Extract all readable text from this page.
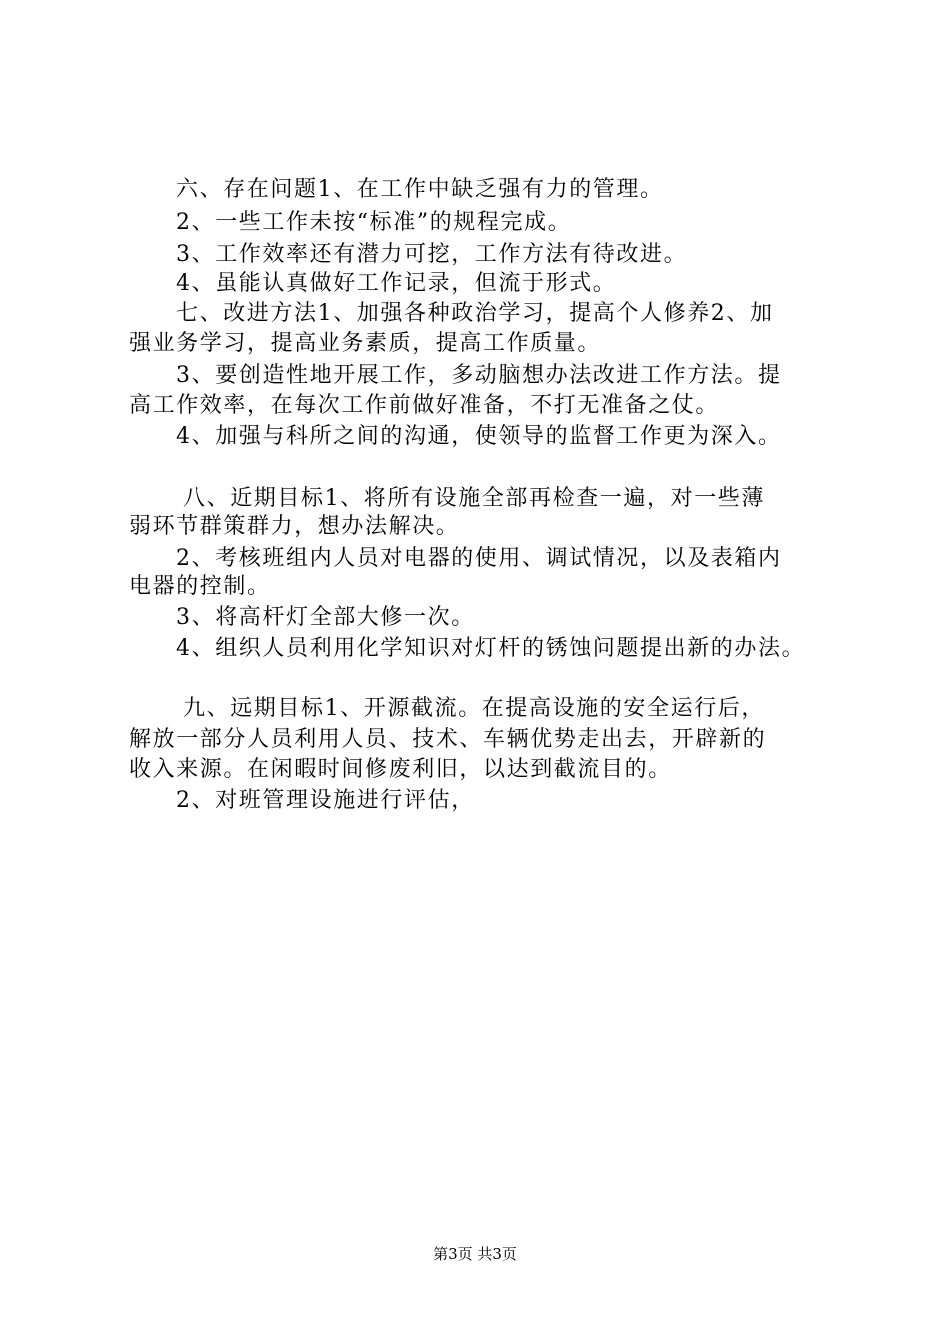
六、存在问题1、在工作中缺乏强有力的管理。
2、一些工作未按“标准”的规程完成。
3、工作效率还有潜力可挖，工作方法有待改进。
4、虽能认真做好工作记录，但流于形式。
七、改进方法1、加强各种政治学习，提高个人修养2、加
强业务学习，提高业务素质，提高工作质量。
3、要创造性地开展工作，多动脑想办法改进工作方法。提
高工作效率，在每次工作前做好准备，不打无准备之仗。
4、加强与科所之间的沟通，使领导的监督工作更为深入。
八、近期目标1、将所有设施全部再检查一遍，对一些薄
弱环节群策群力，想办法解决。
2、考核班组内人员对电器的使用、调试情况，以及表箱内
电器的控制。
3、将高杆灯全部大修一次。
4、组织人员利用化学知识对灯杆的锈蚀问题提出新的办法。
九、远期目标1、开源截流。在提高设施的安全运行后，
解放一部分人员利用人员、技术、车辆优势走出去，开辟新的
收入来源。在闲暇时间修废利旧，以达到截流目的。
2、对班管理设施进行评估，
第3页 共3页
